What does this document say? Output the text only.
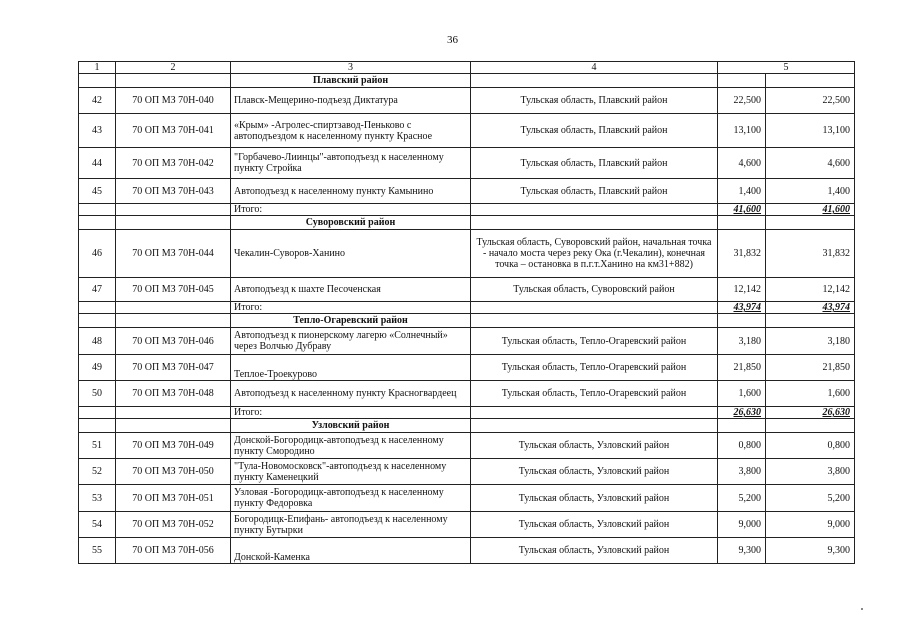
36
1	2	3	4	5	
		Плавский район			
42	70 ОП МЗ 70Н-040	Плавск-Мещерино-подъезд Диктатура	Тульская область, Плавский район	22,500	22,500
43	70 ОП МЗ 70Н-041	«Крым» -Агролес-спиртзавод-Пеньково с автоподъездом к населенному пункту Красное	Тульская область, Плавский район	13,100	13,100
44	70 ОП МЗ 70Н-042	"Горбачево-Лиинцы"-автоподъезд к населенному пункту Стройка	Тульская область, Плавский район	4,600	4,600
45	70 ОП МЗ 70Н-043	Автоподъезд к населенному пункту Камынино	Тульская область, Плавский район	1,400	1,400
		Итого:		41,600	41,600
		Суворовский район			
46	70 ОП МЗ 70Н-044	Чекалин-Суворов-Ханино	Тульская область, Суворовский район, начальная точка - начало моста через реку Ока (г.Чекалин), конечная точка – остановка в п.г.т.Ханино на км31+882)	31,832	31,832
47	70 ОП МЗ 70Н-045	Автоподъезд к шахте Песоченская	Тульская область, Суворовский район	12,142	12,142
		Итого:		43,974	43,974
		Тепло-Огаревский район			
48	70 ОП МЗ 70Н-046	Автоподъезд к пионерскому лагерю «Солнечный» через Волчью Дубраву	Тульская область, Тепло-Огаревский район	3,180	3,180
49	70 ОП МЗ 70Н-047	Теплое-Троекурово	Тульская область, Тепло-Огаревский район	21,850	21,850
50	70 ОП МЗ 70Н-048	Автоподъезд к населенному пункту Красногвардеец	Тульская область, Тепло-Огаревский район	1,600	1,600
		Итого:		26,630	26,630
		Узловский район			
51	70 ОП МЗ 70Н-049	Донской-Богородицк-автоподъезд к населенному пункту Смородино	Тульская область, Узловский район	0,800	0,800
52	70 ОП МЗ 70Н-050	"Тула-Новомосковск"-автоподъезд к населенному пункту Каменецкий	Тульская область, Узловский район	3,800	3,800
53	70 ОП МЗ 70Н-051	Узловая -Богородицк-автоподъезд к населенному пункту Федоровка	Тульская область, Узловский район	5,200	5,200
54	70 ОП МЗ 70Н-052	Богородицк-Епифань- автоподъезд к населенному пункту Бутырки	Тульская область, Узловский район	9,000	9,000
55	70 ОП МЗ 70Н-056	Донской-Каменка	Тульская область, Узловский район	9,300	9,300
